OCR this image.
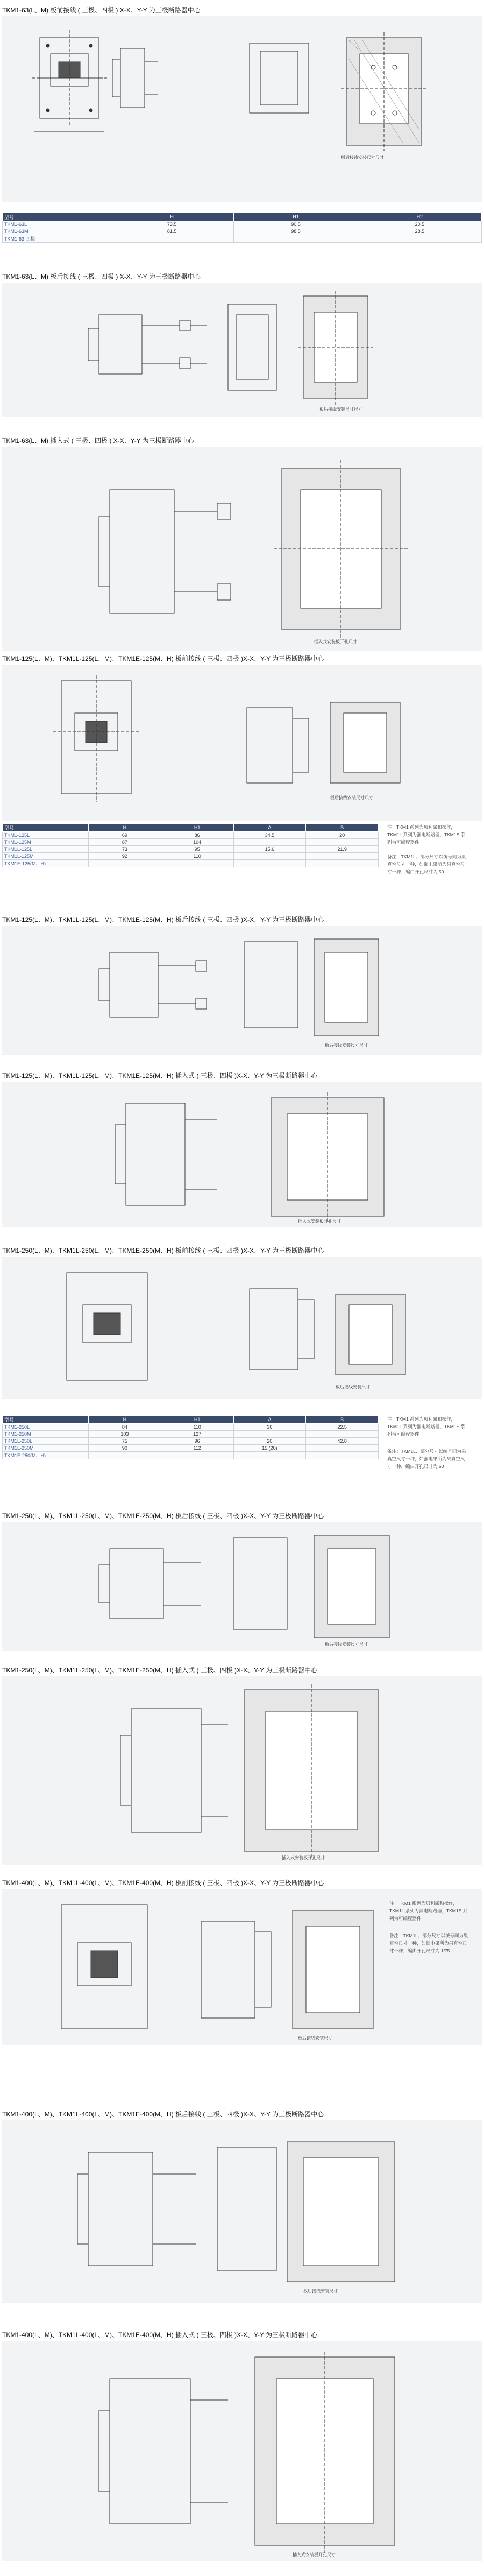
TKM1-63(L、M) 板前接线 ( 三极、四极 ) X-X、Y-Y 为三极断路器中心
板后接线安装尺寸尺寸
型号	H	H1	H2
TKM1-63L	73.5	90.5	20.5
TKM1-63M	81.5	98.5	28.5
TKM1-63 四极			
TKM1-63(L、M) 板后接线 ( 三极、四极 ) X-X、Y-Y 为三极断路器中心
板后接线安装尺寸尺寸
TKM1-63(L、M) 插入式 ( 三极、四极 ) X-X、Y-Y 为三极断路器中心
插入式安装板开孔尺寸
TKM1-125(L、M)、TKM1L-125(L、M)、TKM1E-125(M、H) 板前接线 ( 三极、四极 )X-X、Y-Y 为三极断路器中心
板后接线安装尺寸尺寸
型号	H	H1	A	B
TKM1-125L	69	86	34.5	20
TKM1-125M	87	104		
TKM1L-125L	73	95	15.6	21.9
TKM1L-125M	92	110		
TKM1E-125(M、H)				
注：TKM1 系列为贝利属和操作，TKM1L 系列为漏电断路器，TKM1E 系列为可编程器件
备注：TKM1L、部分尺寸以统号同为果真空尺寸一种，如漏电果所为果真空尺寸一种，编由开孔尺寸为 50
TKM1-125(L、M)、TKM1L-125(L、M)、TKM1E-125(M、H) 板后接线 ( 三极、四极 )X-X、Y-Y 为三极断路器中心
板后接线安装尺寸尺寸
TKM1-125(L、M)、TKM1L-125(L、M)、TKM1E-125(M、H) 插入式 ( 三极、四极 )X-X、Y-Y 为三极断路器中心
插入式安装板开孔尺寸
TKM1-250(L、M)、TKM1L-250(L、M)、TKM1E-250(M、H) 板前接线 ( 三极、四极 )X-X、Y-Y 为三极断路器中心
板后接线安装尺寸
型号	H	H1	A	B
TKM1-250L	84	110	36	22.5
TKM1-250M	103	127		
TKM1L-250L	75	96	20	42.8
TKM1L-250M	90	112	15 (20)	
TKM1E-250(M、H)				
注：TKM1 系列为贝利属和操作，TKM1L 系列为漏电断路器，TKM1E 系列为可编程器件
备注：TKM1L、部分尺寸以统号同为果真空尺寸一种，如漏电果所为果真空尺寸一种，编由开孔尺寸为 50
TKM1-250(L、M)、TKM1L-250(L、M)、TKM1E-250(M、H) 板后接线 ( 三极、四极 )X-X、Y-Y 为三极断路器中心
板后接线安装尺寸尺寸
TKM1-250(L、M)、TKM1L-250(L、M)、TKM1E-250(M、H) 插入式 ( 三极、四极 )X-X、Y-Y 为三极断路器中心
插入式安装板开孔尺寸
TKM1-400(L、M)、TKM1L-400(L、M)、TKM1E-400(M、H) 板前接线 ( 三极、四极 )X-X、Y-Y 为三极断路器中心
板后接线安装尺寸
注：TKM1 系列为贝利属和操作，TKM1L 系列为漏电断路器，TKM1E 系列为可编程器件
备注：TKM1L、部分尺寸以统号同为果真空尺寸一种，如漏电果所为果真空尺寸一种，编由开孔尺寸为 1/75
TKM1-400(L、M)、TKM1L-400(L、M)、TKM1E-400(M、H) 板后接线 ( 三极、四极 )X-X、Y-Y 为三极断路器中心
板后接线安装尺寸
TKM1-400(L、M)、TKM1L-400(L、M)、TKM1E-400(M、H) 插入式 ( 三极、四极 )X-X、Y-Y 为三极断路器中心
插入式安装板开孔尺寸
